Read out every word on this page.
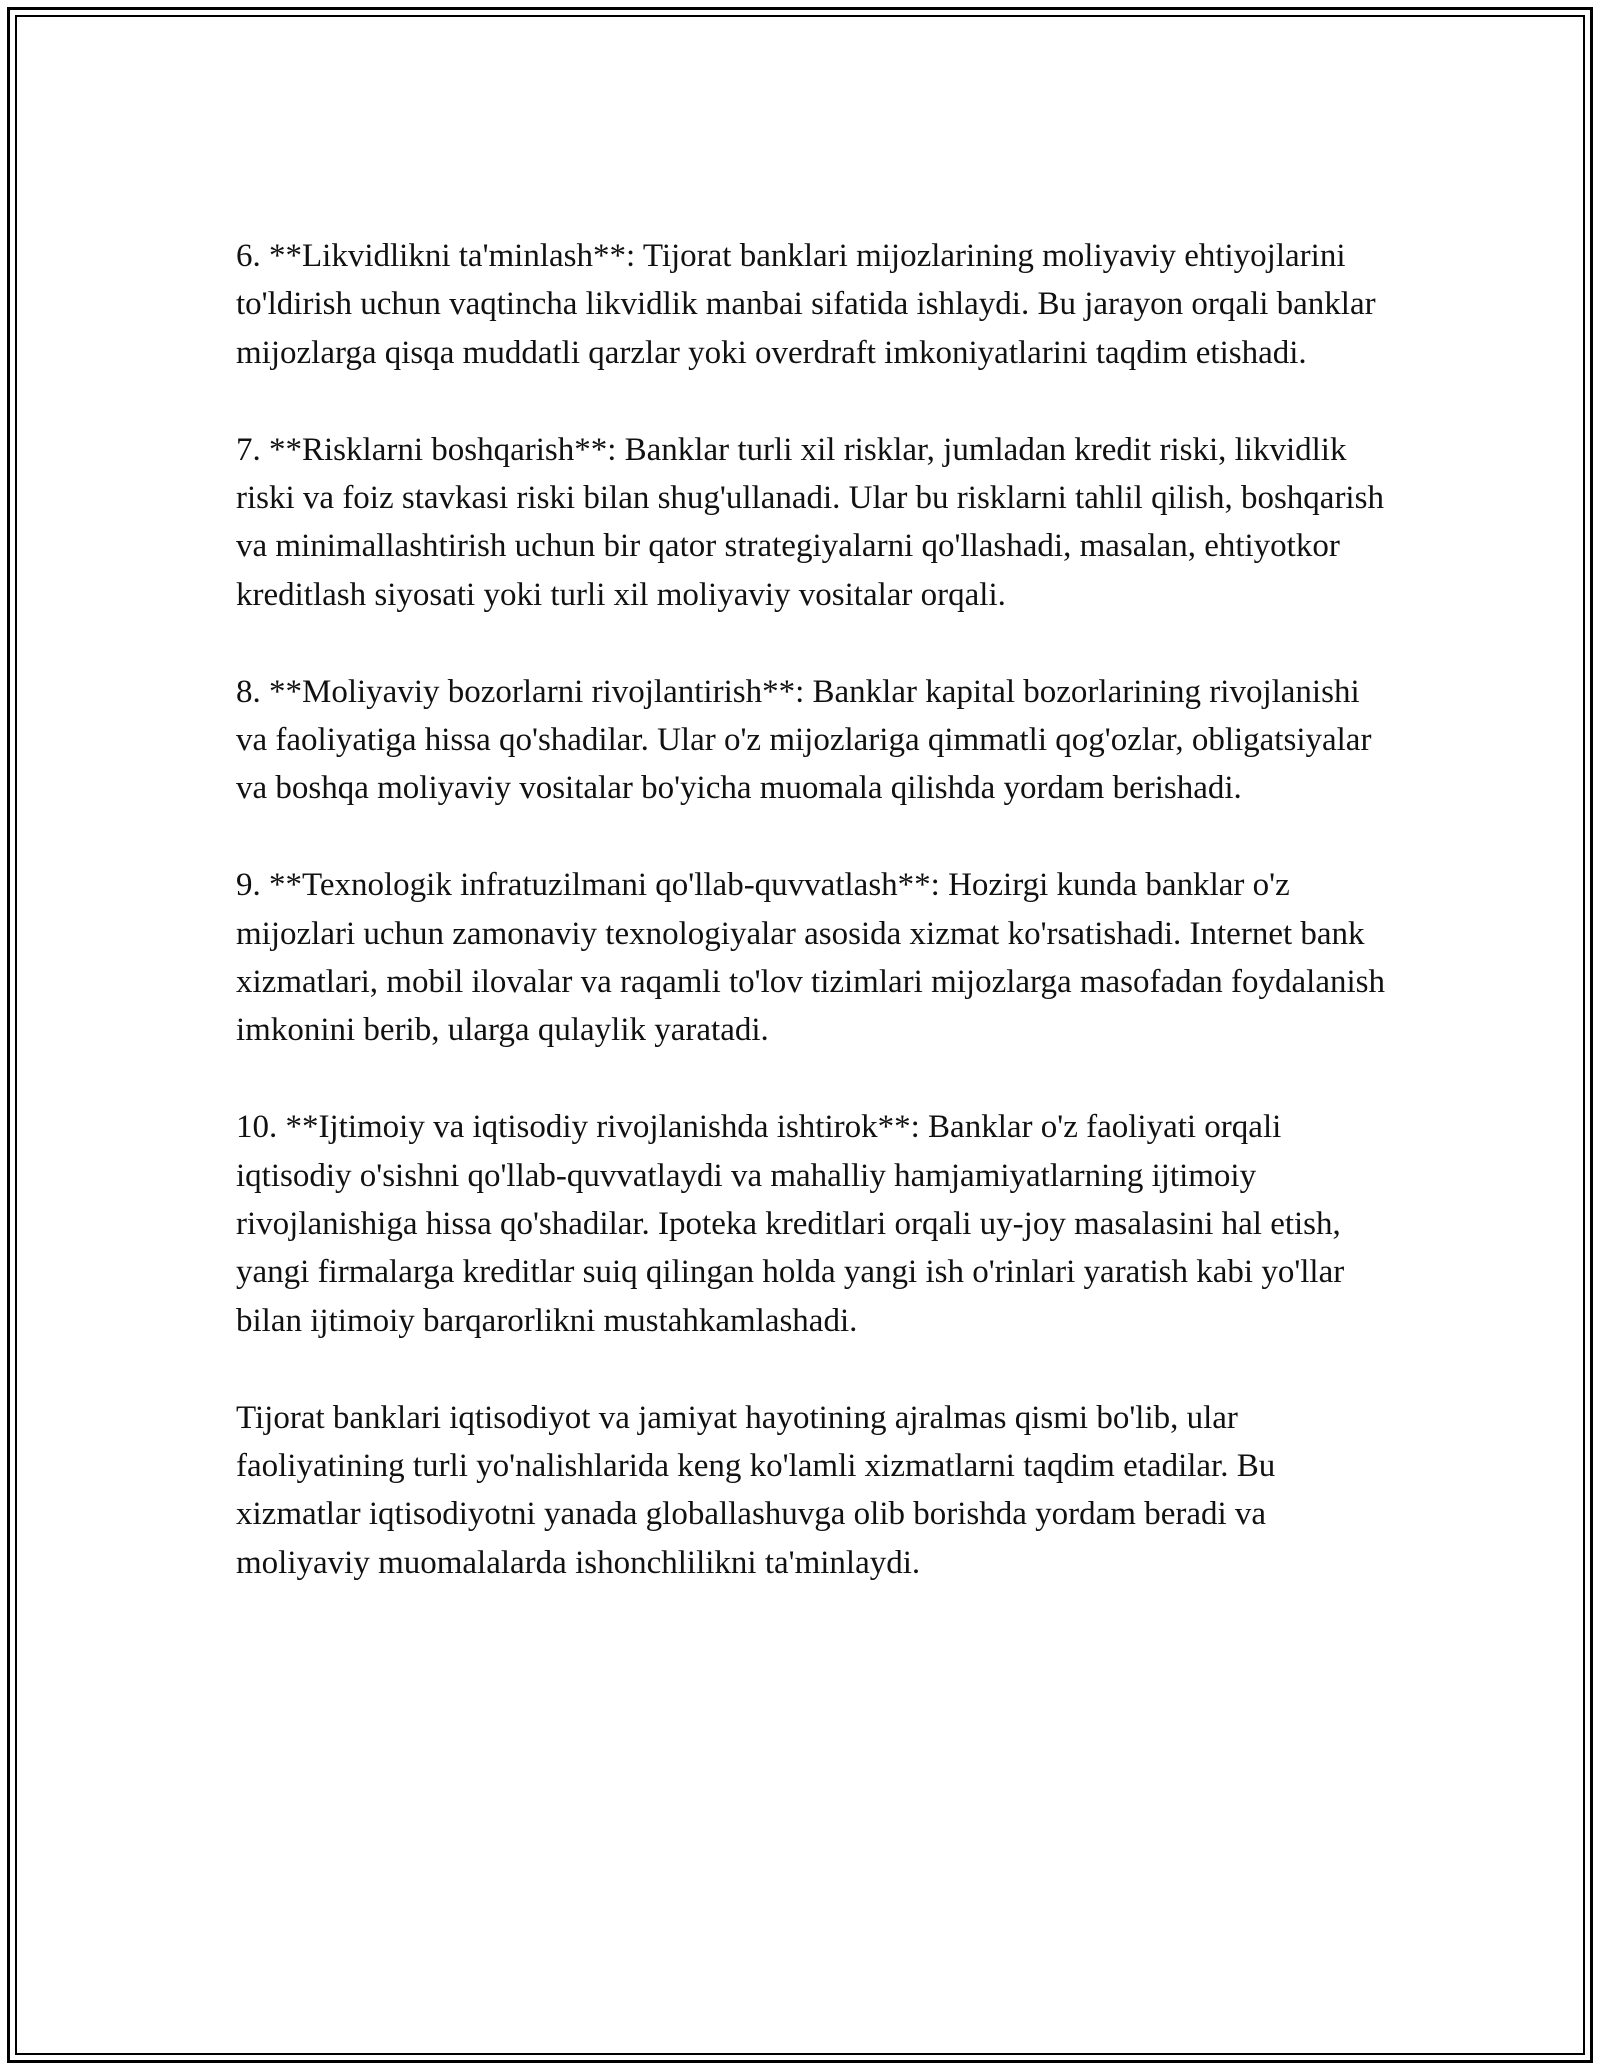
6. **Likvidlikni ta'minlash**: Tijorat banklari mijozlarining moliyaviy ehtiyojlarini to'ldirish uchun vaqtincha likvidlik manbai sifatida ishlaydi. Bu jarayon orqali banklar mijozlarga qisqa muddatli qarzlar yoki overdraft imkoniyatlarini taqdim etishadi.

7. **Risklarni boshqarish**: Banklar turli xil risklar, jumladan kredit riski, likvidlik riski va foiz stavkasi riski bilan shug'ullanadi. Ular bu risklarni tahlil qilish, boshqarish va minimallashtirish uchun bir qator strategiyalarni qo'llashadi, masalan, ehtiyotkor kreditlash siyosati yoki turli xil moliyaviy vositalar orqali.

8. **Moliyaviy bozorlarni rivojlantirish**: Banklar kapital bozorlarining rivojlanishi va faoliyatiga hissa qo'shadilar. Ular o'z mijozlariga qimmatli qog'ozlar, obligatsiyalar va boshqa moliyaviy vositalar bo'yicha muomala qilishda yordam berishadi.

9. **Texnologik infratuzilmani qo'llab-quvvatlash**: Hozirgi kunda banklar o'z mijozlari uchun zamonaviy texnologiyalar asosida xizmat ko'rsatishadi. Internet bank xizmatlari, mobil ilovalar va raqamli to'lov tizimlari mijozlarga masofadan foydalanish imkonini berib, ularga qulaylik yaratadi.

10. **Ijtimoiy va iqtisodiy rivojlanishda ishtirok**: Banklar o'z faoliyati orqali iqtisodiy o'sishni qo'llab-quvvatlaydi va mahalliy hamjamiyatlarning ijtimoiy rivojlanishiga hissa qo'shadilar. Ipoteka kreditlari orqali uy-joy masalasini hal etish, yangi firmalarga kreditlar suiq qilingan holda yangi ish o'rinlari yaratish kabi yo'llar bilan ijtimoiy barqarorlikni mustahkamlashadi.

Tijorat banklari iqtisodiyot va jamiyat hayotining ajralmas qismi bo'lib, ular faoliyatining turli yo'nalishlarida keng ko'lamli xizmatlarni taqdim etadilar. Bu xizmatlar iqtisodiyotni yanada globallashuvga olib borishda yordam beradi va moliyaviy muomalalarda ishonchlilikni ta'minlaydi.
